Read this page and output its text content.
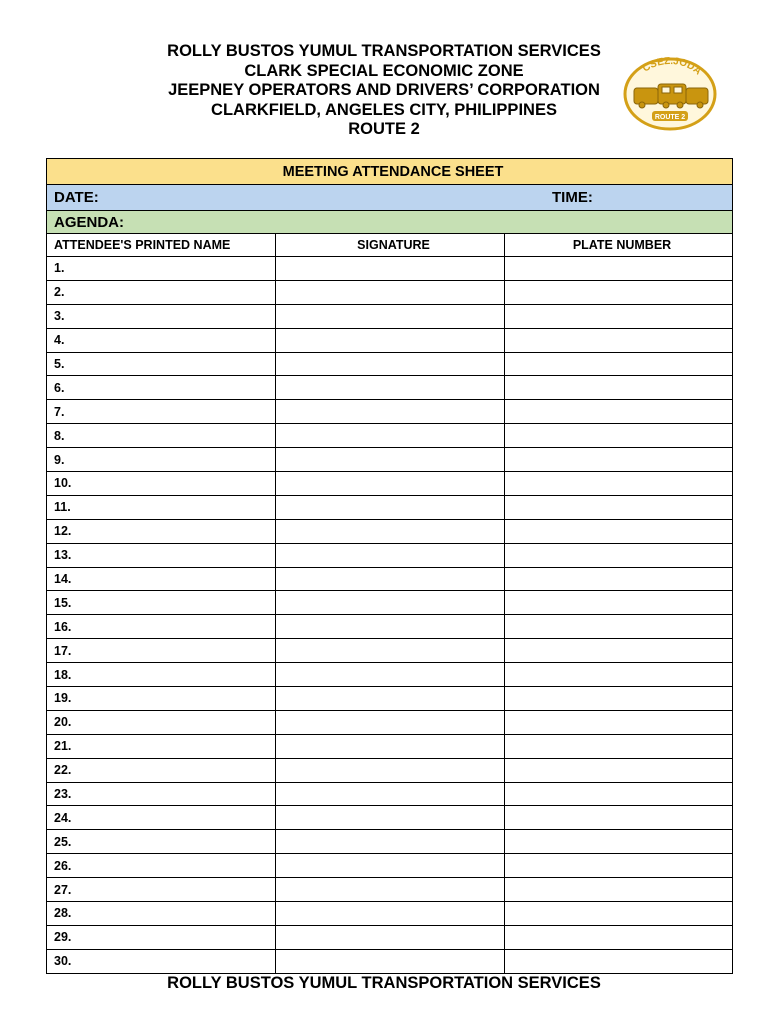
ROLLY BUSTOS YUMUL TRANSPORTATION SERVICES
CLARK SPECIAL ECONOMIC ZONE
JEEPNEY OPERATORS AND DRIVERS’ CORPORATION
CLARKFIELD, ANGELES CITY, PHILIPPINES
ROUTE 2
CSEZ.JODA
ROUTE 2
MEETING ATTENDANCE SHEET		
DATE: TIME:		

AGENDA:		
ATTENDEE'S PRINTED NAME	SIGNATURE	PLATE NUMBER
1.		
2.		
3.		
4.		
5.		
6.		
7.		
8.		
9.		
10.		
11.		
12.		
13.		
14.		
15.		
16.		
17.		
18.		
19.		
20.		
21.		
22.		
23.		
24.		
25.		
26.		
27.		
28.		
29.		
30.		
ROLLY BUSTOS YUMUL TRANSPORTATION SERVICES
